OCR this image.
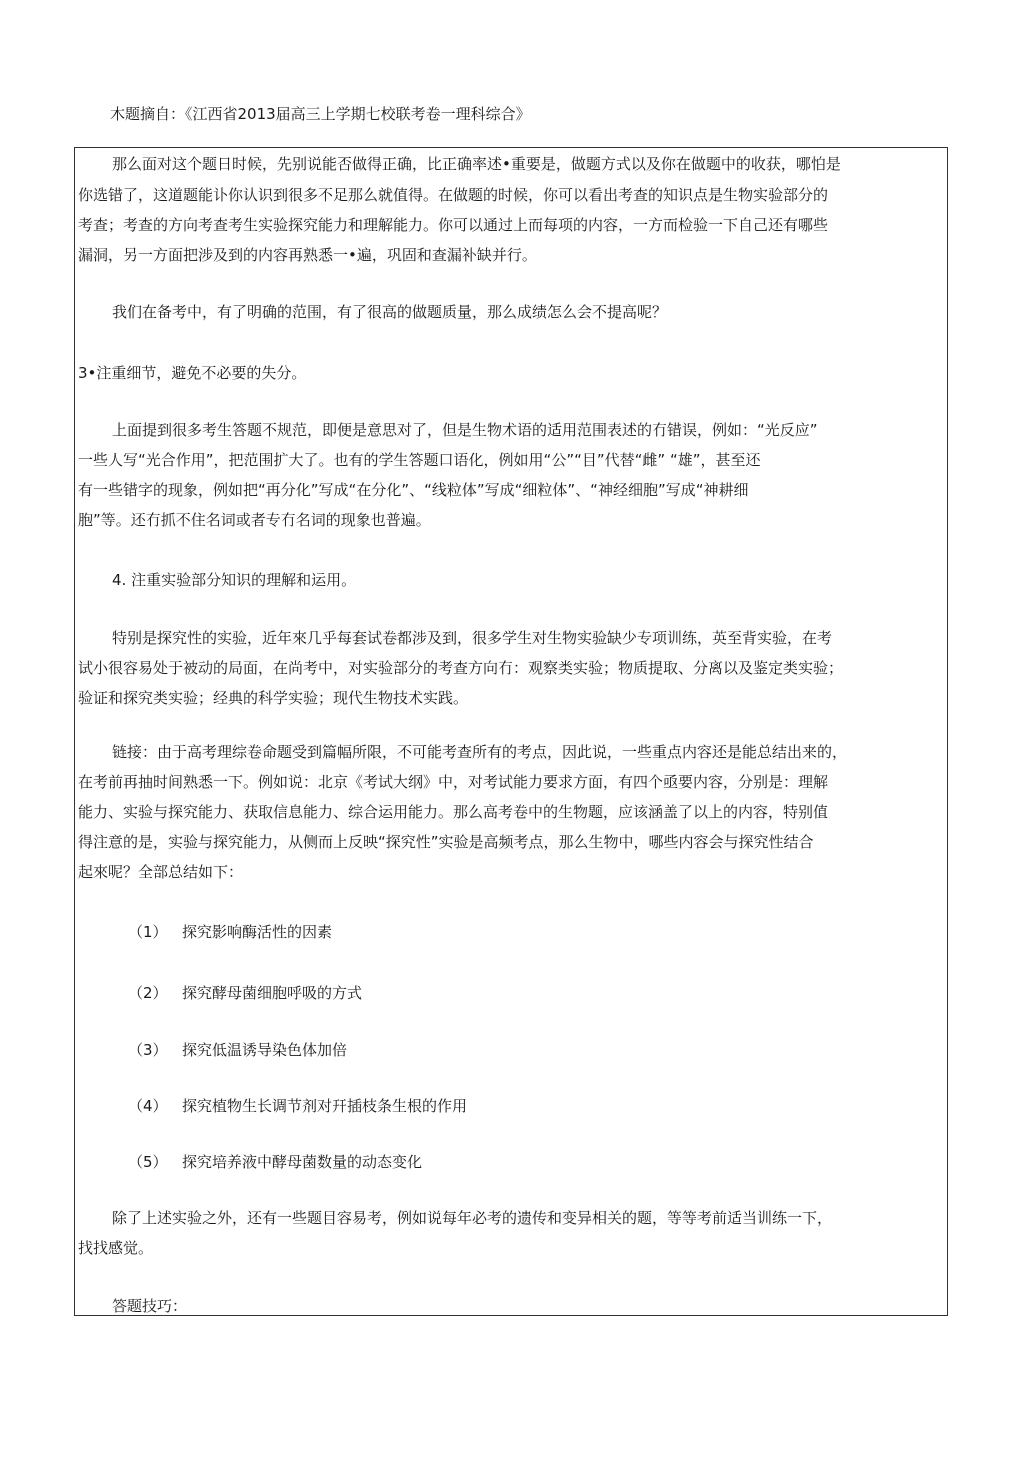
木题摘自：《江西省2013届高三上学期七校联考卷一理科综合》
那么面对这个题日时候，先别说能否做得正确，比正确率述•重要是，做题方式以及你在做题中的收获，哪怕是
你选错了，这道题能讣你认识到很多不足那么就值得。在做题的时候，你可以看出考查的知识点是生物实验部分的
考查；考查的方向考查考生实验探究能力和理解能力。你可以通过上而每项的内容，一方而检验一下自己还有哪些
漏洞，另一方面把涉及到的内容再熟悉一•遍，巩固和查漏补缺并行。
我们在备考中，有了明确的范围，有了很高的做题质量，那么成绩怎么会不提高呢？
3•注重细节，避免不必要的失分。
上面提到很多考生答题不规范，即便是意思对了，但是生物术语的适用范围表述的冇错误，例如：“光反应”
一些人写“光合作用”，把范围扩大了。也有的学生答题口语化，例如用“公”“目”代替“雌” “雄”，甚至还
有一些错字的现象，例如把“再分化”写成“在分化”、“线粒体”写成“细粒体”、“神经细胞”写成“神耕细
胞”等。还冇抓不住名词或者专冇名词的现象也普遍。
4. 注重实验部分知识的理解和运用。
特别是探究性的实验，近年來几乎每套试卷都涉及到，很多学生对生物实验缺少专项训练，英至背实验，在考
试小很容易处于被动的局面，在尚考中，对实验部分的考查方向冇：观察类实验；物质提取、分离以及鉴定类实验；
验证和探究类实验；经典的科学实验；现代生物技术实践。
链接：由于高考理综卷命题受到篇幅所限，不可能考查所有的考点，因此说，一些重点内容还是能总结出来的，
在考前再抽时间熟悉一下。例如说：北京《考试大纲》中，对考试能力要求方面，有四个亟要内容，分别是：理解
能力、实验与探究能力、获取信息能力、综合运用能力。那么高考卷中的生物题，应该涵盖了以上的内容，特别值
得注意的是，实验与探究能力，从侧而上反映“探究性”实验是高频考点，那么生物中，哪些内容会与探究性结合
起來呢？全部总结如下：
（1） 探究影响酶活性的因素
（2） 探究酵母菌细胞呼吸的方式
（3） 探究低温诱导染色体加倍
（4） 探究植物生长调节剂对幵插枝条生根的作用
（5） 探究培养液中酵母菌数量的动态变化
除了上述实验之外，还有一些题目容易考，例如说每年必考的遗传和变异相关的题，等等考前适当训练一下，
找找感觉。
答题技巧：
